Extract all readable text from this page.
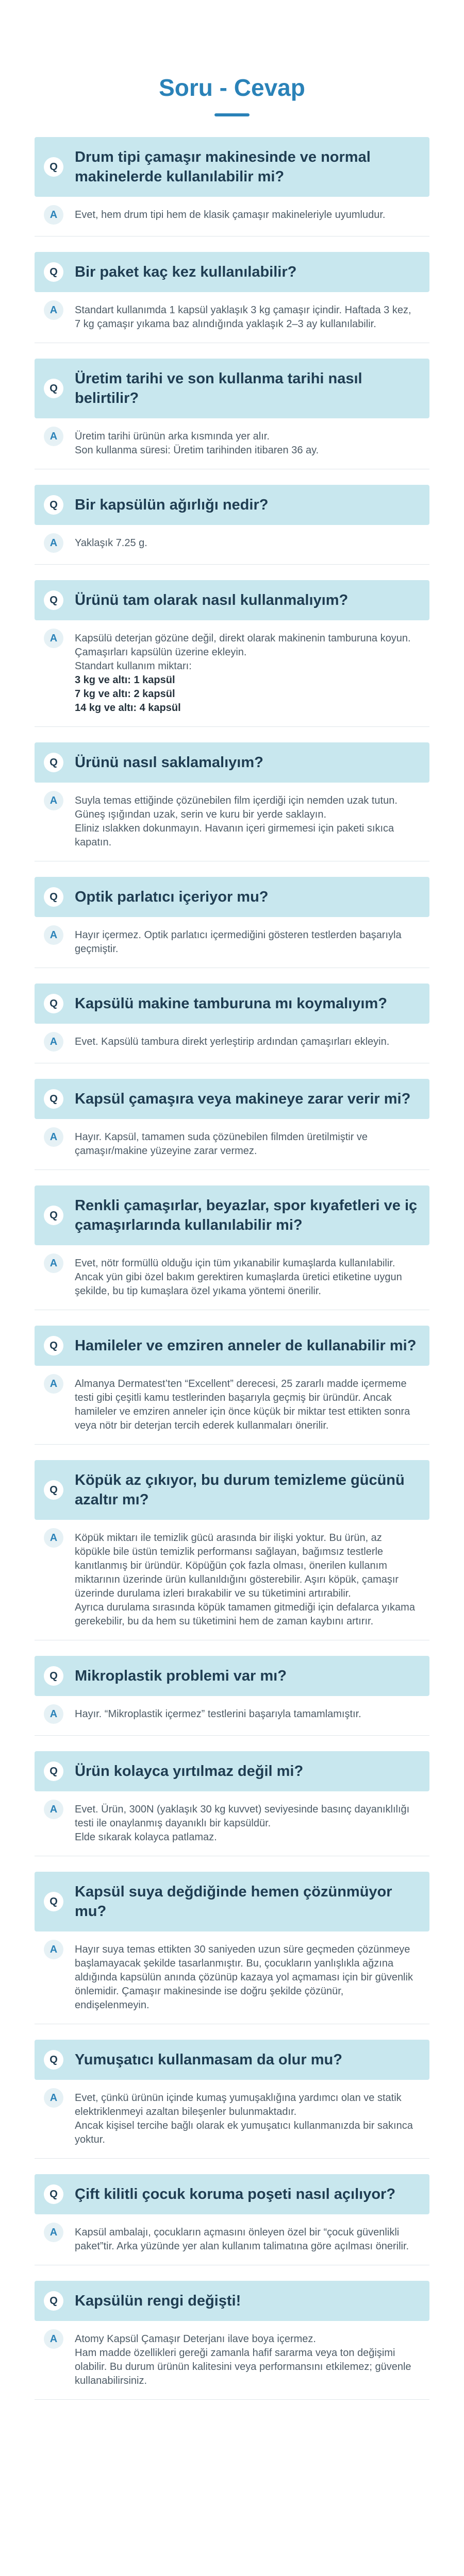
Soru - Cevap
Q
Drum tipi çamaşır makinesinde ve normal makinelerde kullanılabilir mi?
A	Evet, hem drum tipi hem de klasik çamaşır makineleriyle uyumludur.
Q	Bir paket kaç kez kullanılabilir?
A	Standart kullanımda 1 kapsül yaklaşık 3 kg çamaşır içindir. Haftada 3 kez, 7 kg çamaşır yıkama baz alındığında yaklaşık 2–3 ay kullanılabilir.
Q
Üretim tarihi ve son kullanma tarihi nasıl belirtilir?
A	Üretim tarihi ürünün arka kısmında yer alır.
Son kullanma süresi: Üretim tarihinden itibaren 36 ay.
Q	Bir kapsülün ağırlığı nedir?
A	Yaklaşık 7.25 g.
Q	Ürünü tam olarak nasıl kullanmalıyım?
A	Kapsülü deterjan gözüne değil, direkt olarak makinenin tamburuna koyun.
Çamaşırları kapsülün üzerine ekleyin.
Standart kullanım miktarı:
3 kg ve altı: 1 kapsül
7 kg ve altı: 2 kapsül
14 kg ve altı: 4 kapsül
Q	Ürünü nasıl saklamalıyım?
A	Suyla temas ettiğinde çözünebilen film içerdiği için nemden uzak tutun.
Güneş ışığından uzak, serin ve kuru bir yerde saklayın.
Eliniz ıslakken dokunmayın. Havanın içeri girmemesi için paketi sıkıca kapatın.
Q	Optik parlatıcı içeriyor mu?
A	Hayır içermez. Optik parlatıcı içermediğini gösteren testlerden başarıyla geçmiştir.
Q	Kapsülü makine tamburuna mı koymalıyım?
A	Evet. Kapsülü tambura direkt yerleştirip ardından çamaşırları ekleyin.
Q	Kapsül çamaşıra veya makineye zarar verir mi?
A	Hayır. Kapsül, tamamen suda çözünebilen filmden üretilmiştir ve çamaşır/makine yüzeyine zarar vermez.
Q
Renkli çamaşırlar, beyazlar, spor kıyafetleri ve iç çamaşırlarında kullanılabilir mi?
A	Evet, nötr formüllü olduğu için tüm yıkanabilir kumaşlarda kullanılabilir. Ancak yün gibi özel bakım gerektiren kumaşlarda üretici etiketine uygun şekilde, bu tip kumaşlara özel yıkama yöntemi önerilir.
Q	Hamileler ve emziren anneler de kullanabilir mi?
A	Almanya Dermatest’ten “Excellent” derecesi, 25 zararlı madde içermeme testi gibi çeşitli kamu testlerinden başarıyla geçmiş bir üründür. Ancak hamileler ve emziren anneler için önce küçük bir miktar test ettikten sonra veya nötr bir deterjan tercih ederek kullanmaları önerilir.
Q
Köpük az çıkıyor, bu durum temizleme gücünü azaltır mı?
A	Köpük miktarı ile temizlik gücü arasında bir ilişki yoktur. Bu ürün, az köpükle bile üstün temizlik performansı sağlayan, bağımsız testlerle kanıtlanmış bir üründür. Köpüğün çok fazla olması, önerilen kullanım miktarının üzerinde ürün kullanıldığını gösterebilir. Aşırı köpük, çamaşır üzerinde durulama izleri bırakabilir ve su tüketimini artırabilir.
Ayrıca durulama sırasında köpük tamamen gitmediği için defalarca yıkama gerekebilir, bu da hem su tüketimini hem de zaman kaybını artırır.
Q	Mikroplastik problemi var mı?
A	Hayır. “Mikroplastik içermez” testlerini başarıyla tamamlamıştır.
Q	Ürün kolayca yırtılmaz değil mi?
A	Evet. Ürün, 300N (yaklaşık 30 kg kuvvet) seviyesinde basınç dayanıklılığı testi ile onaylanmış dayanıklı bir kapsüldür.
Elde sıkarak kolayca patlamaz.
Q
Kapsül suya değdiğinde hemen çözünmüyor mu?
A	Hayır suya temas ettikten 30 saniyeden uzun süre geçmeden çözünmeye başlamayacak şekilde tasarlanmıştır. Bu, çocukların yanlışlıkla ağzına aldığında kapsülün anında çözünüp kazaya yol açmaması için bir güvenlik önlemidir. Çamaşır makinesinde ise doğru şekilde çözünür, endişelenmeyin.
Q	Yumuşatıcı kullanmasam da olur mu?
A	Evet, çünkü ürünün içinde kumaş yumuşaklığına yardımcı olan ve statik elektriklenmeyi azaltan bileşenler bulunmaktadır.
Ancak kişisel tercihe bağlı olarak ek yumuşatıcı kullanmanızda bir sakınca yoktur.
Q	Çift kilitli çocuk koruma poşeti nasıl açılıyor?
A	Kapsül ambalajı, çocukların açmasını önleyen özel bir “çocuk güvenlikli paket”tir. Arka yüzünde yer alan kullanım talimatına göre açılması önerilir.
Q	Kapsülün rengi değişti!
A	Atomy Kapsül Çamaşır Deterjanı ilave boya içermez.
Ham madde özellikleri gereği zamanla hafif sararma veya ton değişimi olabilir. Bu durum ürünün kalitesini veya performansını etkilemez; güvenle kullanabilirsiniz.
